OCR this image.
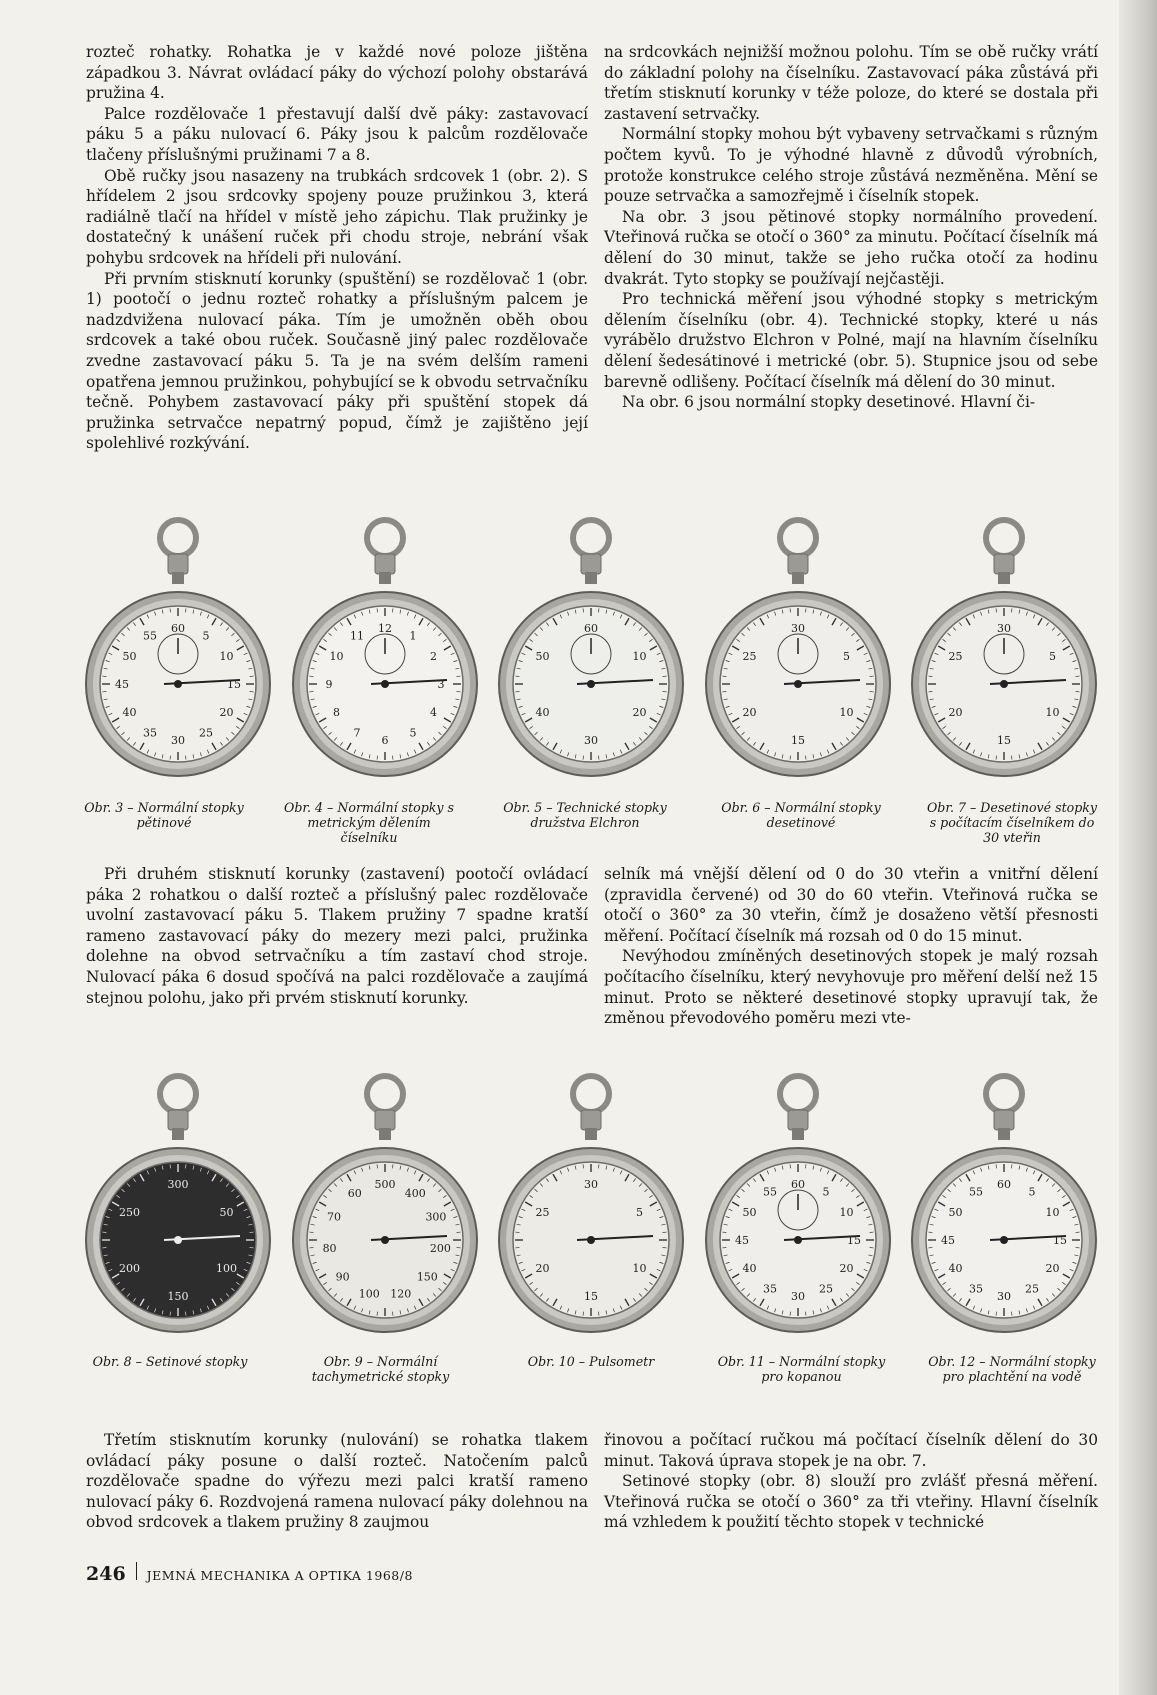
rozteč rohatky. Rohatka je v každé nové poloze jištěna západkou 3. Návrat ovládací páky do výchozí polohy obstarává pružina 4.

Palce rozdělovače 1 přestavují další dvě páky: zastavovací páku 5 a páku nulovací 6. Páky jsou k palcům rozdělovače tlačeny příslušnými pružinami 7 a 8.

Obě ručky jsou nasazeny na trubkách srdcovek 1 (obr. 2). S hřídelem 2 jsou srdcovky spojeny pouze pružinkou 3, která radiálně tlačí na hřídel v místě jeho zápichu. Tlak pružinky je dostatečný k unášení ruček při chodu stroje, nebrání však pohybu srdcovek na hřídeli při nulování.

Při prvním stisknutí korunky (spuštění) se rozdělovač 1 (obr. 1) pootočí o jednu rozteč rohatky a příslušným palcem je nadzdvižena nulovací páka. Tím je umožněn oběh obou srdcovek a také obou ruček. Současně jiný palec rozdělovače zvedne zastavovací páku 5. Ta je na svém delším rameni opatřena jemnou pružinkou, pohybující se k obvodu setrvačníku tečně. Pohybem zastavovací páky při spuštění stopek dá pružinka setrvačce nepatrný popud, čímž je zajištěno její spolehlivé rozkývání.

na srdcovkách nejnižší možnou polohu. Tím se obě ručky vrátí do základní polohy na číselníku. Zastavovací páka zůstává při třetím stisknutí korunky v téže poloze, do které se dostala při zastavení setrvačky.

Normální stopky mohou být vybaveny setrvačkami s různým počtem kyvů. To je výhodné hlavně z důvodů výrobních, protože konstrukce celého stroje zůstává nezměněna. Mění se pouze setrvačka a samozřejmě i číselník stopek.

Na obr. 3 jsou pětinové stopky normálního provedení. Vteřinová ručka se otočí o 360° za minutu. Počítací číselník má dělení do 30 minut, takže se jeho ručka otočí za hodinu dvakrát. Tyto stopky se používají nejčastěji.

Pro technická měření jsou výhodné stopky s metrickým dělením číselníku (obr. 4). Technické stopky, které u nás vyrábělo družstvo Elchron v Polné, mají na hlavním číselníku dělení šedesátinové i metrické (obr. 5). Stupnice jsou od sebe barevně odlišeny. Počítací číselník má dělení do 30 minut.

Na obr. 6 jsou normální stopky desetinové. Hlavní či-

60
5
10
15
20
25
30
35
40
45
50
55
12
1
2
3
4
5
6
7
8
9
10
11
60
10
20
30
40
50
30
5
10
15
20
25
30
5
10
15
20
25
Obr. 3 – Normální stopky pětinové
Obr. 4 – Normální stopky s metrickým dělením číselníku
Obr. 5 – Technické stopky družstva Elchron
Obr. 6 – Normální stopky desetinové
Obr. 7 – Desetinové stopky s počítacím číselníkem do 30 vteřin

Při druhém stisknutí korunky (zastavení) pootočí ovládací páka 2 rohatkou o další rozteč a příslušný palec rozdělovače uvolní zastavovací páku 5. Tlakem pružiny 7 spadne kratší rameno zastavovací páky do mezery mezi palci, pružinka dolehne na obvod setrvačníku a tím zastaví chod stroje. Nulovací páka 6 dosud spočívá na palci rozdělovače a zaujímá stejnou polohu, jako při prvém stisknutí korunky.

selník má vnější dělení od 0 do 30 vteřin a vnitřní dělení (zpravidla červené) od 30 do 60 vteřin. Vteřinová ručka se otočí o 360° za 30 vteřin, čímž je dosaženo větší přesnosti měření. Počítací číselník má rozsah od 0 do 15 minut.

Nevýhodou zmíněných desetinových stopek je malý rozsah počítacího číselníku, který nevyhovuje pro měření delší než 15 minut. Proto se některé desetinové stopky upravují tak, že změnou převodového poměru mezi vte-

300
50
100
150
200
250
500
400
300
200
150
120
100
90
80
70
60
30
5
10
15
20
25
60
5
10
15
20
25
30
35
40
45
50
55
60
5
10
15
20
25
30
35
40
45
50
55
Obr. 8 – Setinové stopky	Obr. 9 – Normální tachymetrické stopky
Obr. 10 – Pulsometr	Obr. 11 – Normální stopky pro kopanou
Obr. 12 – Normální stopky pro plachtění na vodě

Třetím stisknutím korunky (nulování) se rohatka tlakem ovládací páky posune o další rozteč. Natočením palců rozdělovače spadne do výřezu mezi palci kratší rameno nulovací páky 6. Rozdvojená ramena nulovací páky dolehnou na obvod srdcovek a tlakem pružiny 8 zaujmou

řinovou a počítací ručkou má počítací číselník dělení do 30 minut. Taková úprava stopek je na obr. 7.

Setinové stopky (obr. 8) slouží pro zvlášť přesná měření. Vteřinová ručka se otočí o 360° za tři vteřiny. Hlavní číselník má vzhledem k použití těchto stopek v technické

246 JEMNÁ MECHANIKA A OPTIKA 1968/8
